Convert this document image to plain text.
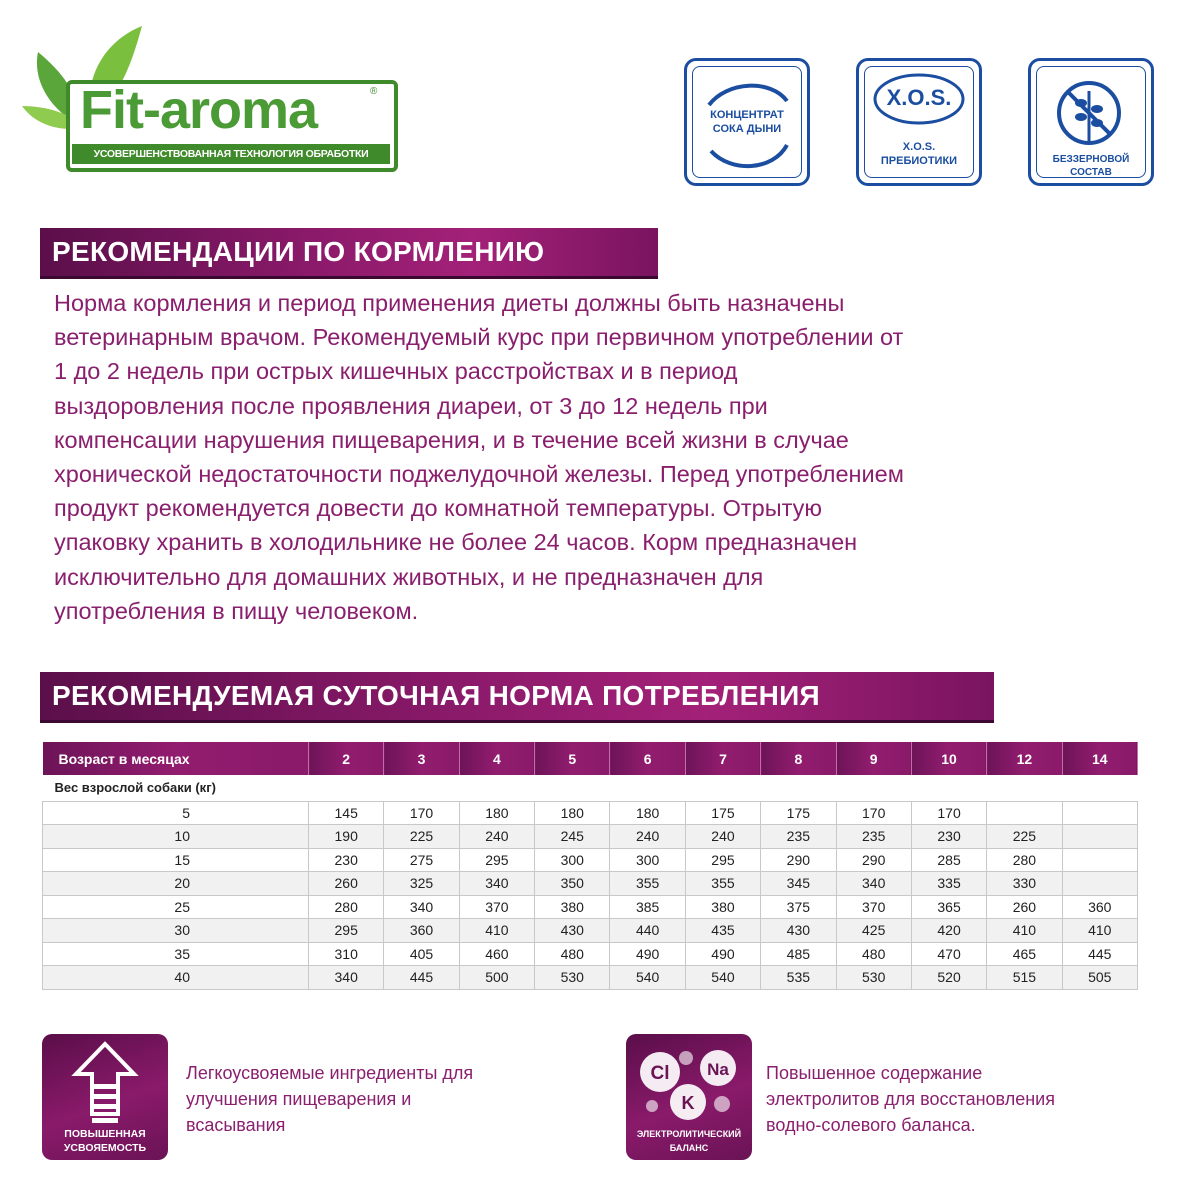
Fit-aroma	®
УСОВЕРШЕНСТВОВАННАЯ ТЕХНОЛОГИЯ ОБРАБОТКИ
КОНЦЕНТРАТ
СОКА ДЫНИ
X.O.S.
X.O.S.
ПРЕБИОТИКИ	БЕЗЗЕРНОВОЙ СОСТАВ
РЕКОМЕНДАЦИИ ПО КОРМЛЕНИЮ
Норма кормления и период применения диеты должны быть назначены
ветеринарным врачом. Рекомендуемый курс при первичном употреблении от
1 до 2 недель при острых кишечных расстройствах и в период
выздоровления после проявления диареи, от 3 до 12 недель при
компенсации нарушения пищеварения, и в течение всей жизни в случае
хронической недостаточности поджелудочной железы. Перед употреблением
продукт рекомендуется довести до комнатной температуры. Отрытую
упаковку хранить в холодильнике не более 24 часов. Корм предназначен
исключительно для домашних животных, и не предназначен для
употребления в пищу человеком.
РЕКОМЕНДУЕМАЯ СУТОЧНАЯ НОРМА ПОТРЕБЛЕНИЯ
Возраст в месяцах	2	3	4	5	6	7	8	9	10	12	14
Вес взрослой собаки (кг)											
5	145	170	180	180	180	175	175	170	170		
10	190	225	240	245	240	240	235	235	230	225	
15	230	275	295	300	300	295	290	290	285	280	
20	260	325	340	350	355	355	345	340	335	330	
25	280	340	370	380	385	380	375	370	365	260	360
30	295	360	410	430	440	435	430	425	420	410	410
35	310	405	460	480	490	490	485	480	470	465	445
40	340	445	500	530	540	540	535	530	520	515	505
ПОВЫШЕННАЯ
УСВОЯЕМОСТЬ
Легкоусвояемые ингредиенты для
улучшения пищеварения и
всасывания
Cl Na
K
ЭЛЕКТРОЛИТИЧЕСКИЙ
БАЛАНС
Повышенное содержание
электролитов для восстановления
водно-солевого баланса.
